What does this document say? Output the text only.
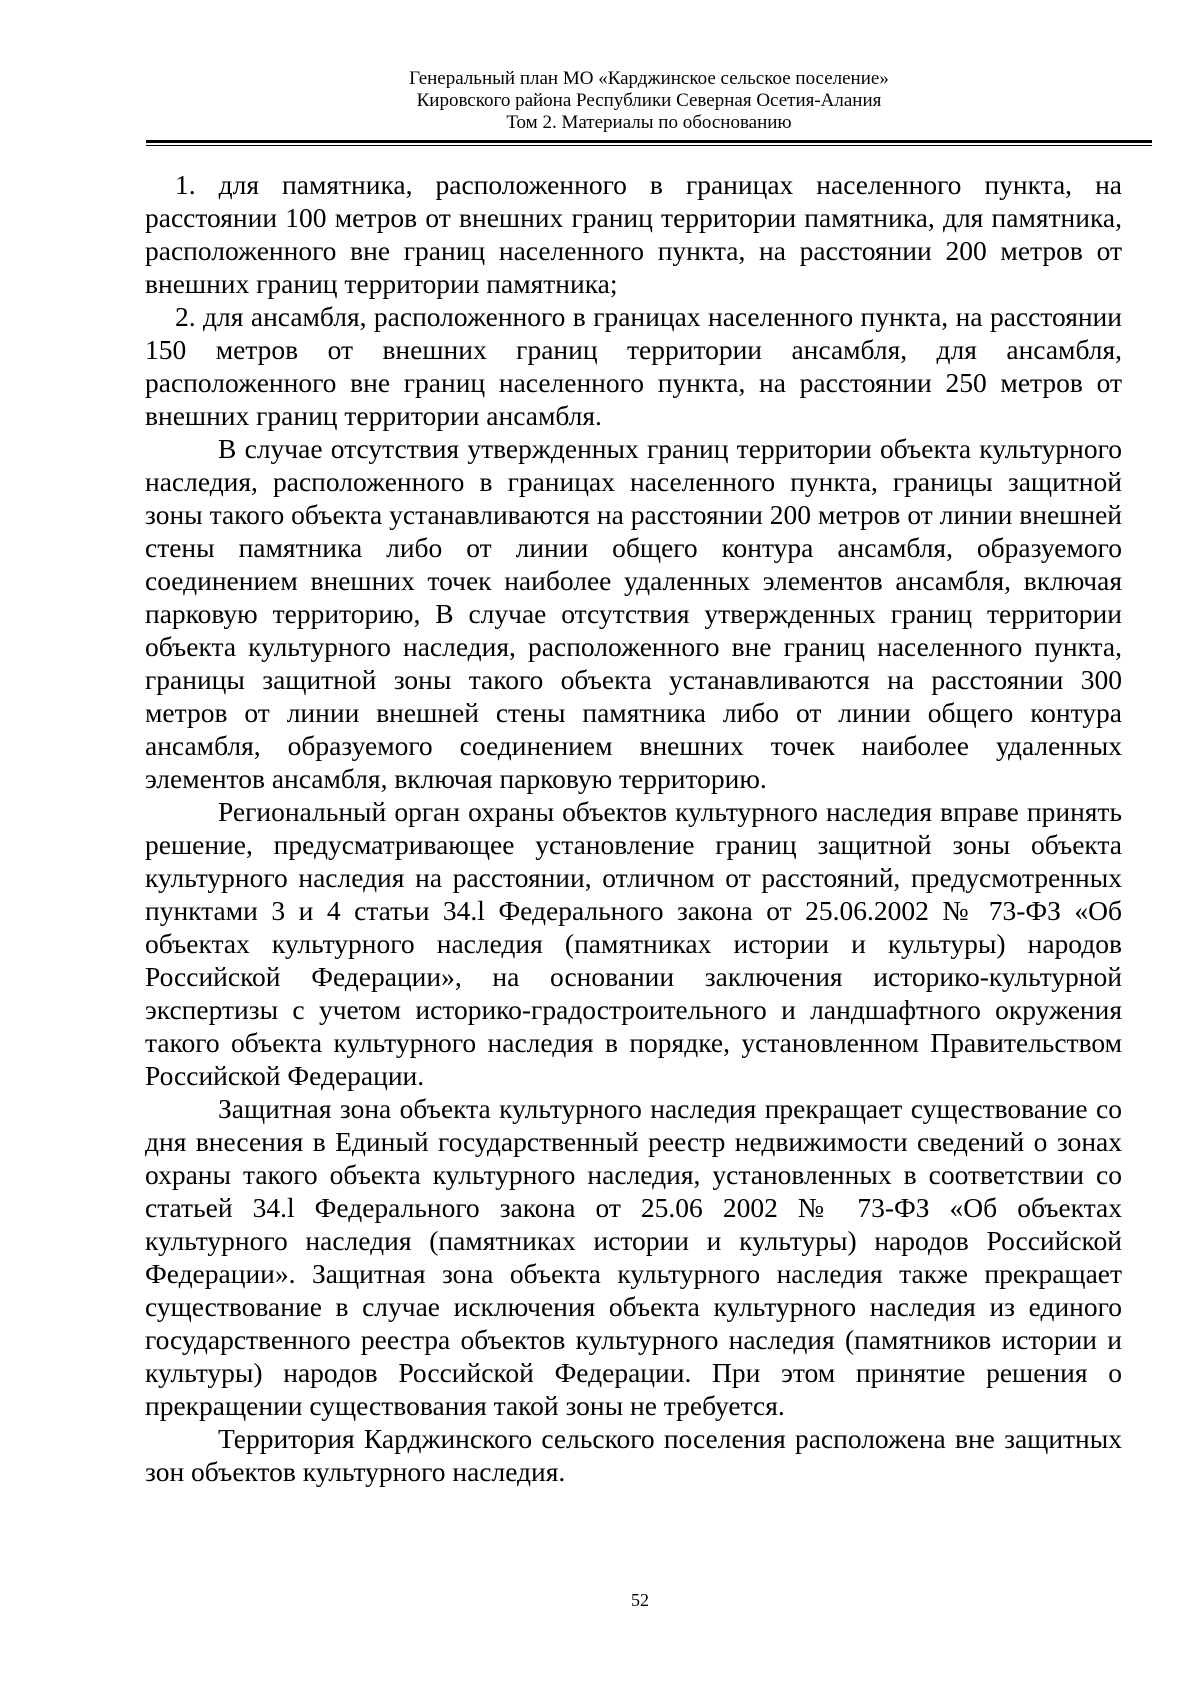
Генеральный план МО «Карджинское сельское поселение»
Кировского района Республики Северная Осетия-Алания
Том 2. Материалы по обоснованию

1. для памятника, расположенного в границах населенного пункта, на расстоянии 100 метров от внешних границ территории памятника, для памятника, расположенного вне границ населенного пункта, на расстоянии 200 метров от внешних границ территории памятника;

2. для ансамбля, расположенного в границах населенного пункта, на расстоянии 150 метров от внешних границ территории ансамбля, для ансамбля, расположенного вне границ населенного пункта, на расстоянии 250 метров от внешних границ территории ансамбля.

В случае отсутствия утвержденных границ территории объекта культурного наследия, расположенного в границах населенного пункта, границы защитной зоны такого объекта устанавливаются на расстоянии 200 метров от линии внешней стены памятника либо от линии общего контура ансамбля, образуемого соединением внешних точек наиболее удаленных элементов ансамбля, включая парковую территорию, В случае отсутствия утвержденных границ территории объекта культурного наследия, расположенного вне границ населенного пункта, границы защитной зоны такого объекта устанавливаются на расстоянии 300 метров от линии внешней стены памятника либо от линии общего контура ансамбля, образуемого соединением внешних точек наиболее удаленных элементов ансамбля, включая парковую территорию.

Региональный орган охраны объектов культурного наследия вправе принять решение, предусматривающее установление границ защитной зоны объекта культурного наследия на расстоянии, отличном от расстояний, предусмотренных пунктами 3 и 4 статьи 34.l Федерального закона от 25.06.2002 № 73-ФЗ «Об объектах культурного наследия (памятниках истории и культуры) народов Российской Федерации», на основании заключения историко-культурной экспертизы с учетом историко-градостроительного и ландшафтного окружения такого объекта культурного наследия в порядке, установленном Правительством Российской Федерации.

Защитная зона объекта культурного наследия прекращает существование со дня внесения в Единый государственный реестр недвижимости сведений о зонах охраны такого объекта культурного наследия, установленных в соответствии со статьей 34.l Федерального закона от 25.06 2002 № 73-ФЗ «Об объектах культурного наследия (памятниках истории и культуры) народов Российской Федерации». Защитная зона объекта культурного наследия также прекращает существование в случае исключения объекта культурного наследия из единого государственного реестра объектов культурного наследия (памятников истории и культуры) народов Российской Федерации. При этом принятие решения о прекращении существования такой зоны не требуется.

Территория Карджинского сельского поселения расположена вне защитных зон объектов культурного наследия.

52
